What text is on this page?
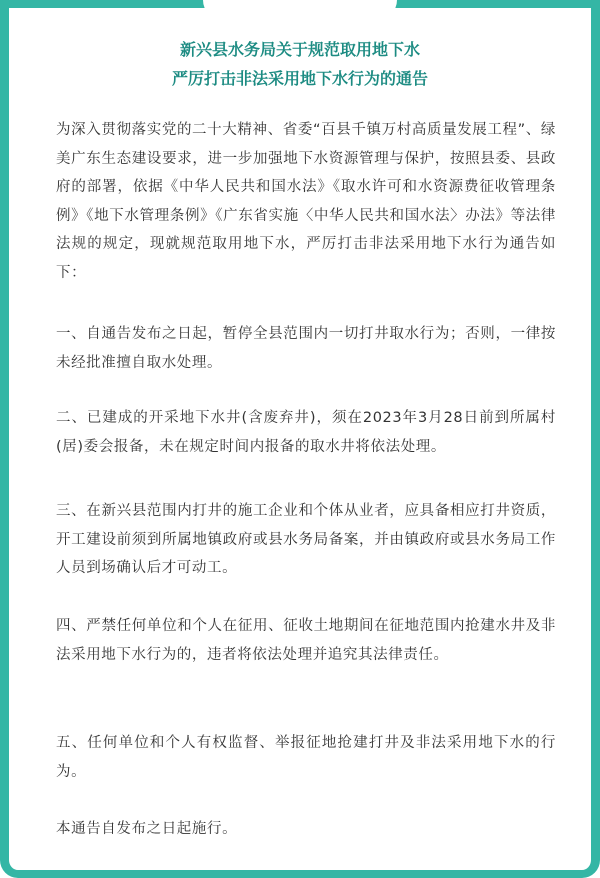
新兴县水务局关于规范取用地下水
严厉打击非法采用地下水行为的通告
为深入贯彻落实党的二十大精神、省委“百县千镇万村高质量发展工程”、绿美广东生态建设要求，进一步加强地下水资源管理与保护，按照县委、县政府的部署，依据《中华人民共和国水法》《取水许可和水资源费征收管理条例》《地下水管理条例》《广东省实施〈中华人民共和国水法〉办法》等法律法规的规定，现就规范取用地下水，严厉打击非法采用地下水行为通告如下：
一、自通告发布之日起，暂停全县范围内一切打井取水行为；否则，一律按未经批准擅自取水处理。
二、已建成的开采地下水井(含废弃井)，须在2023年3月28日前到所属村(居)委会报备，未在规定时间内报备的取水井将依法处理。
三、在新兴县范围内打井的施工企业和个体从业者，应具备相应打井资质，开工建设前须到所属地镇政府或县水务局备案，并由镇政府或县水务局工作人员到场确认后才可动工。
四、严禁任何单位和个人在征用、征收土地期间在征地范围内抢建水井及非法采用地下水行为的，违者将依法处理并追究其法律责任。
五、任何单位和个人有权监督、举报征地抢建打井及非法采用地下水的行为。
本通告自发布之日起施行。
